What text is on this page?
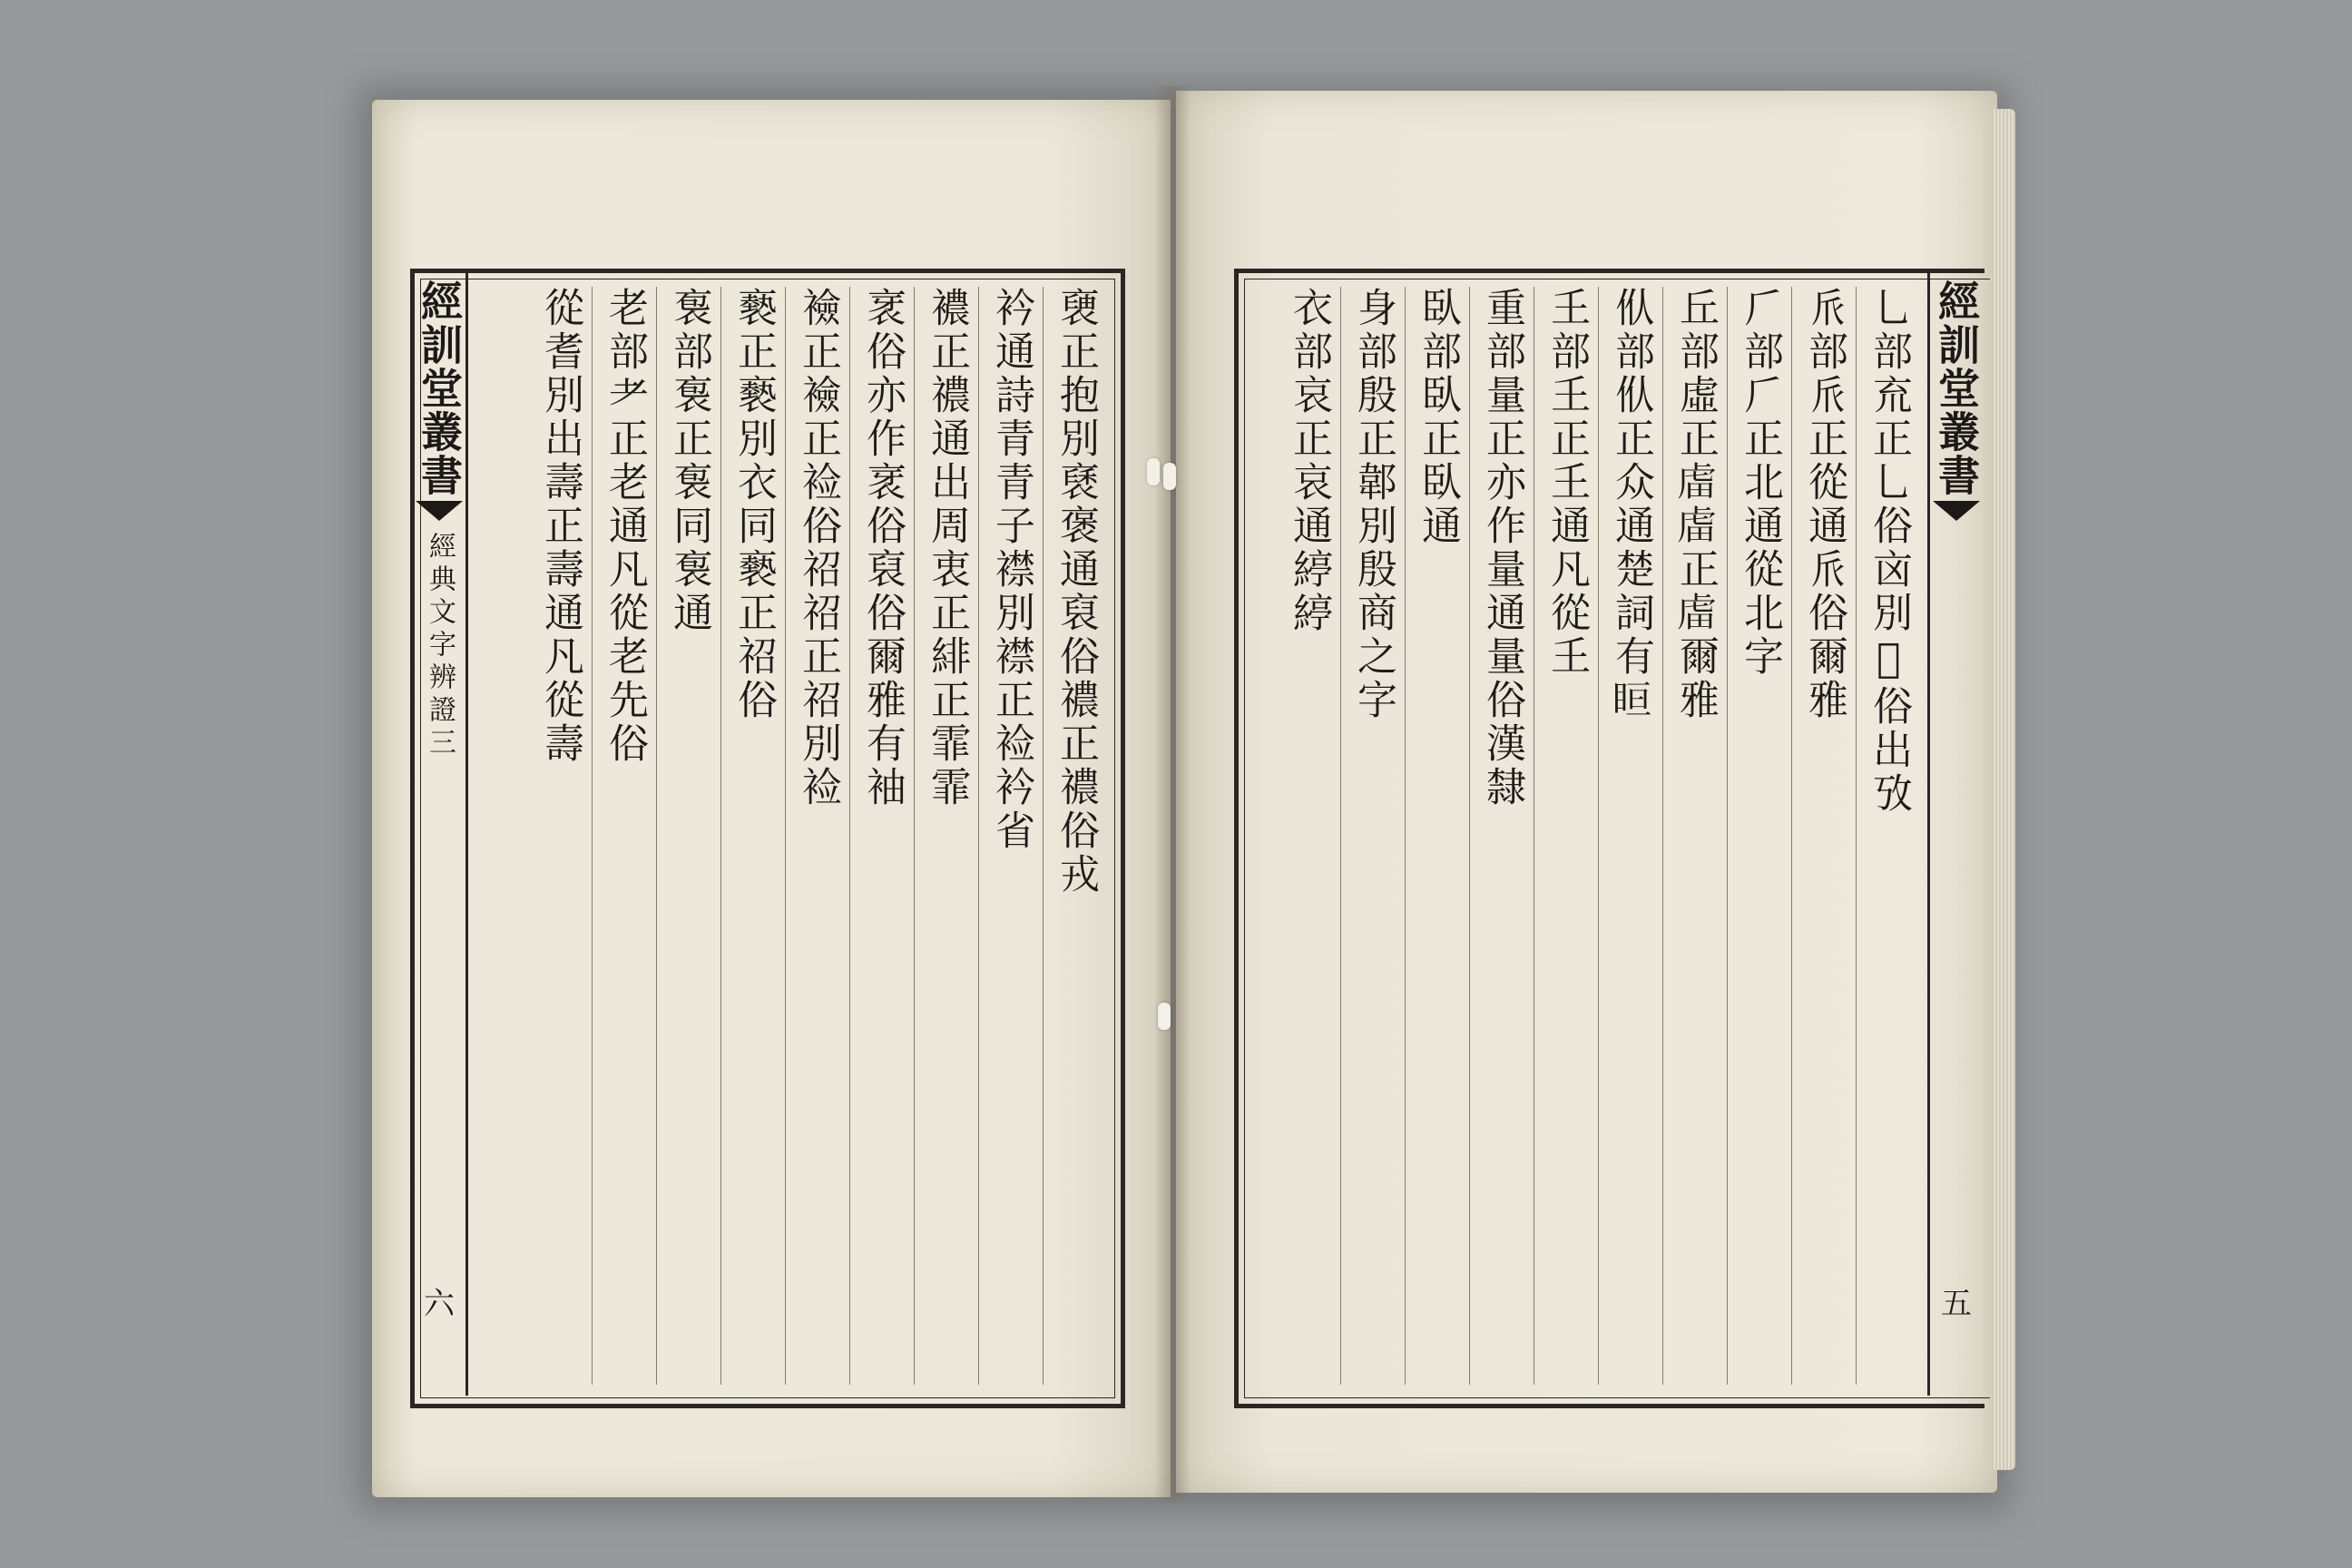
經訓堂叢書
經典文字辨證三
六
褏正抱別褎褒通裒俗禯正禯俗戎
衿通詩青青子襟別襟正裣衿省
襛正禯通出周衷正緋正霏霏
衺俗亦作衺俗裒俗爾雅有袖
襝正襝正裣俗祒祒正祒別裣
褻正褻別衣同褻正祒俗
袌部袌正袌同袌通
老部耂正老通凡從老先俗
從耆別出壽正壽通凡從壽	經訓堂叢書
五
乚部㐬正乚俗㐫別𠚕俗出攷
𠂢部𠂢正從通𠂢俗爾雅
𠂆部𠂆正北通從北字
丘部虛正𧆨𧆨正𧆨爾雅
㐺部㐺正众通楚詞有𥅨
𡈼部𡈼正𡈼通凡從𡈼
重部量正亦作量通量俗漢隸
臥部臥正臥通
身部殷正郼別殷商之字
衣部哀正哀通𦂃𦂃
